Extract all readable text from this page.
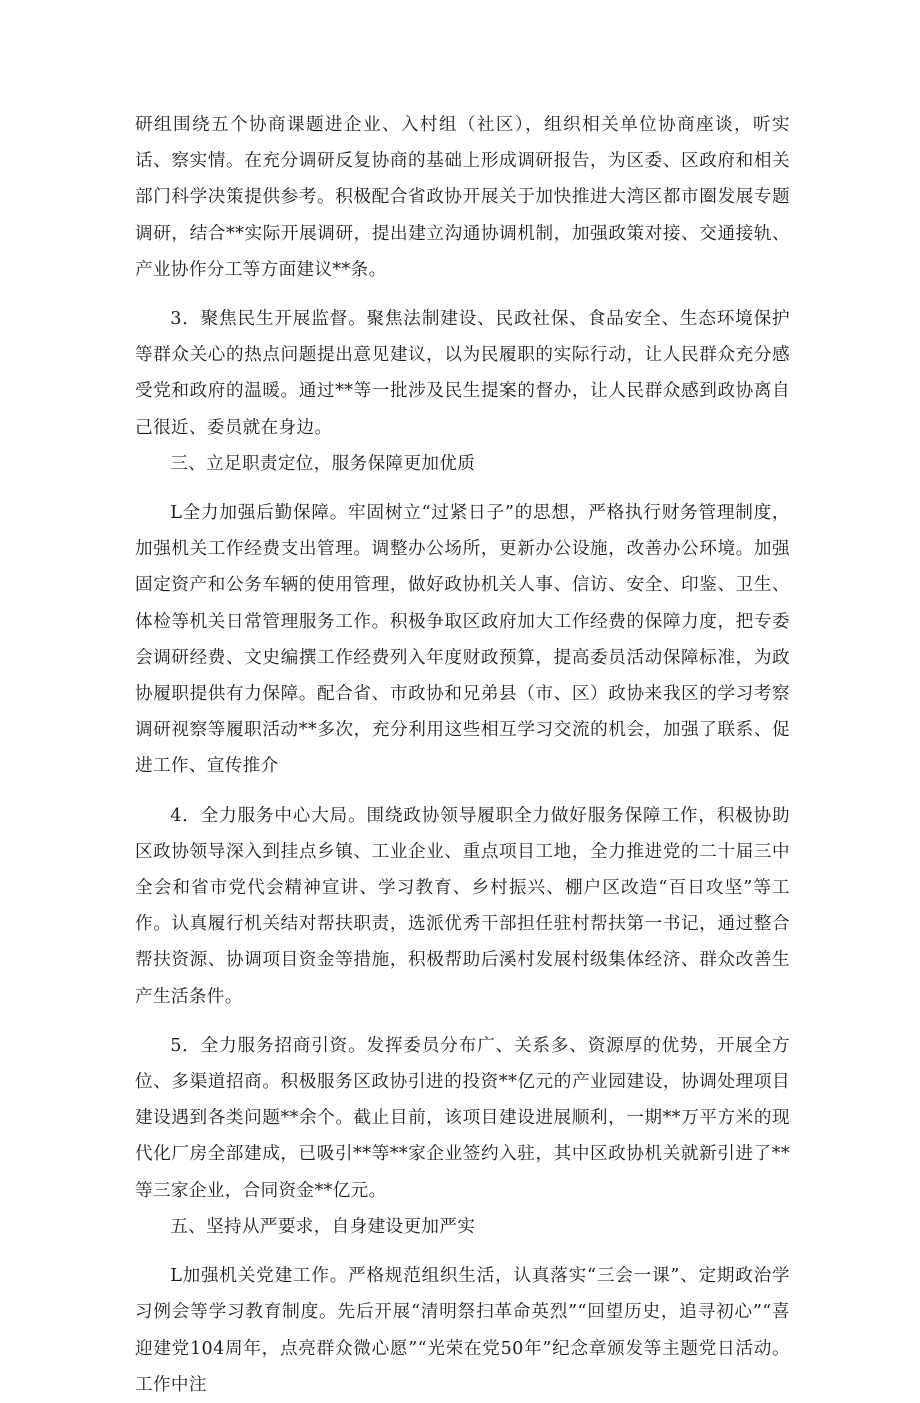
研组围绕五个协商课题进企业、入村组（社区），组织相关单位协商座谈，听实话、察实情。在充分调研反复协商的基础上形成调研报告，为区委、区政府和相关部门科学决策提供参考。积极配合省政协开展关于加快推进大湾区都市圈发展专题调研，结合**实际开展调研，提出建立沟通协调机制，加强政策对接、交通接轨、产业协作分工等方面建议**条。

3．聚焦民生开展监督。聚焦法制建设、民政社保、食品安全、生态环境保护等群众关心的热点问题提出意见建议，以为民履职的实际行动，让人民群众充分感受党和政府的温暖。通过**等一批涉及民生提案的督办，让人民群众感到政协离自己很近、委员就在身边。

三、立足职责定位，服务保障更加优质

L全力加强后勤保障。牢固树立“过紧日子”的思想，严格执行财务管理制度，加强机关工作经费支出管理。调整办公场所，更新办公设施，改善办公环境。加强固定资产和公务车辆的使用管理，做好政协机关人事、信访、安全、印鉴、卫生、体检等机关日常管理服务工作。积极争取区政府加大工作经费的保障力度，把专委会调研经费、文史编撰工作经费列入年度财政预算，提高委员活动保障标准，为政协履职提供有力保障。配合省、市政协和兄弟县（市、区）政协来我区的学习考察调研视察等履职活动**多次，充分利用这些相互学习交流的机会，加强了联系、促进工作、宣传推介

4．全力服务中心大局。围绕政协领导履职全力做好服务保障工作，积极协助区政协领导深入到挂点乡镇、工业企业、重点项目工地，全力推进党的二十届三中全会和省市党代会精神宣讲、学习教育、乡村振兴、棚户区改造“百日攻坚”等工作。认真履行机关结对帮扶职责，选派优秀干部担任驻村帮扶第一书记，通过整合帮扶资源、协调项目资金等措施，积极帮助后溪村发展村级集体经济、群众改善生产生活条件。

5．全力服务招商引资。发挥委员分布广、关系多、资源厚的优势，开展全方位、多渠道招商。积极服务区政协引进的投资**亿元的产业园建设，协调处理项目建设遇到各类问题**余个。截止目前，该项目建设进展顺利，一期**万平方米的现代化厂房全部建成，已吸引**等**家企业签约入驻，其中区政协机关就新引进了**等三家企业，合同资金**亿元。

五、坚持从严要求，自身建设更加严实

L加强机关党建工作。严格规范组织生活，认真落实“三会一课”、定期政治学习例会等学习教育制度。先后开展“清明祭扫革命英烈”“回望历史，追寻初心”“喜迎建党104周年，点亮群众微心愿”“光荣在党50年”纪念章颁发等主题党日活动。工作中注
